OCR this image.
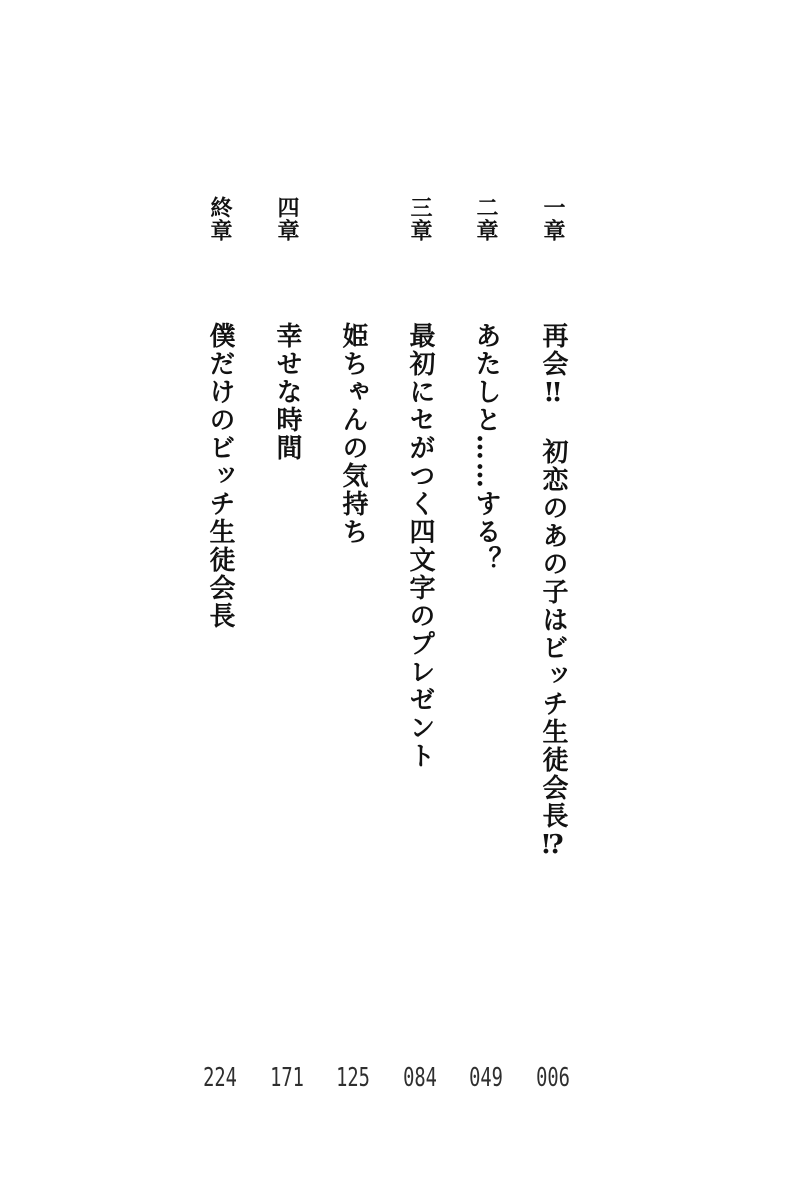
一章
再会‼　初恋のあの子はビッチ生徒会長⁉
006
二章
あたしと……する？
049
三章
最初にセがつく四文字のプレゼント
084
姫ちゃんの気持ち
125
四章
幸せな時間
171
終章
僕だけのビッチ生徒会長
224
